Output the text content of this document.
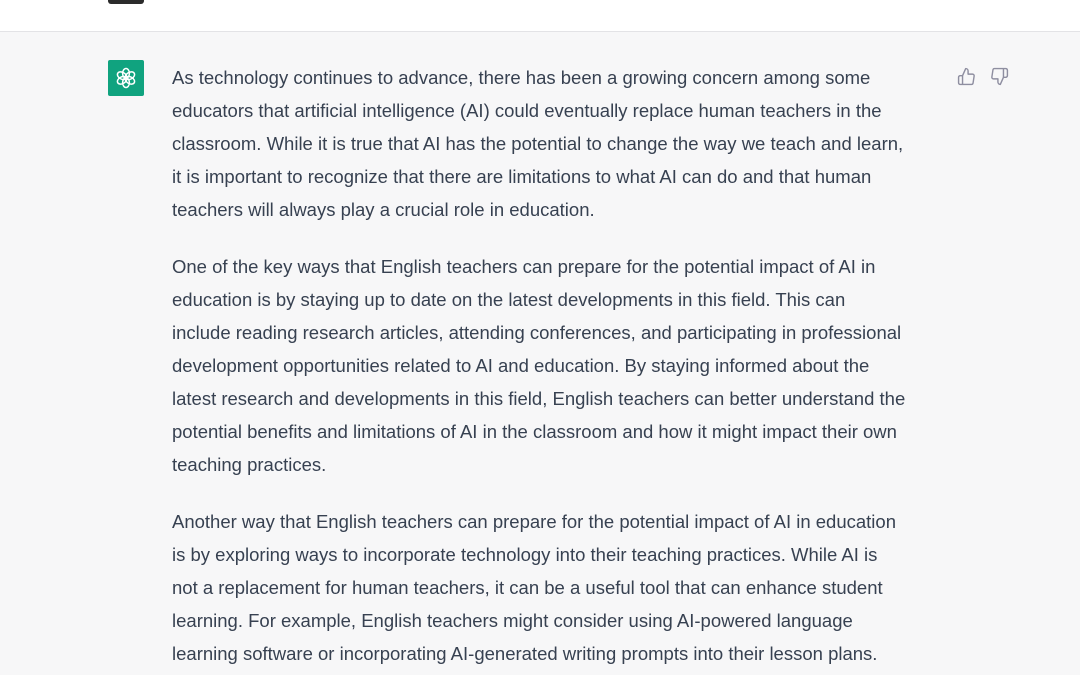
As technology continues to advance, there has been a growing concern among some
educators that artificial intelligence (AI) could eventually replace human teachers in the
classroom. While it is true that AI has the potential to change the way we teach and learn,
it is important to recognize that there are limitations to what AI can do and that human
teachers will always play a crucial role in education.

One of the key ways that English teachers can prepare for the potential impact of AI in
education is by staying up to date on the latest developments in this field. This can
include reading research articles, attending conferences, and participating in professional
development opportunities related to AI and education. By staying informed about the
latest research and developments in this field, English teachers can better understand the
potential benefits and limitations of AI in the classroom and how it might impact their own
teaching practices.

Another way that English teachers can prepare for the potential impact of AI in education
is by exploring ways to incorporate technology into their teaching practices. While AI is
not a replacement for human teachers, it can be a useful tool that can enhance student
learning. For example, English teachers might consider using AI-powered language
learning software or incorporating AI-generated writing prompts into their lesson plans.
